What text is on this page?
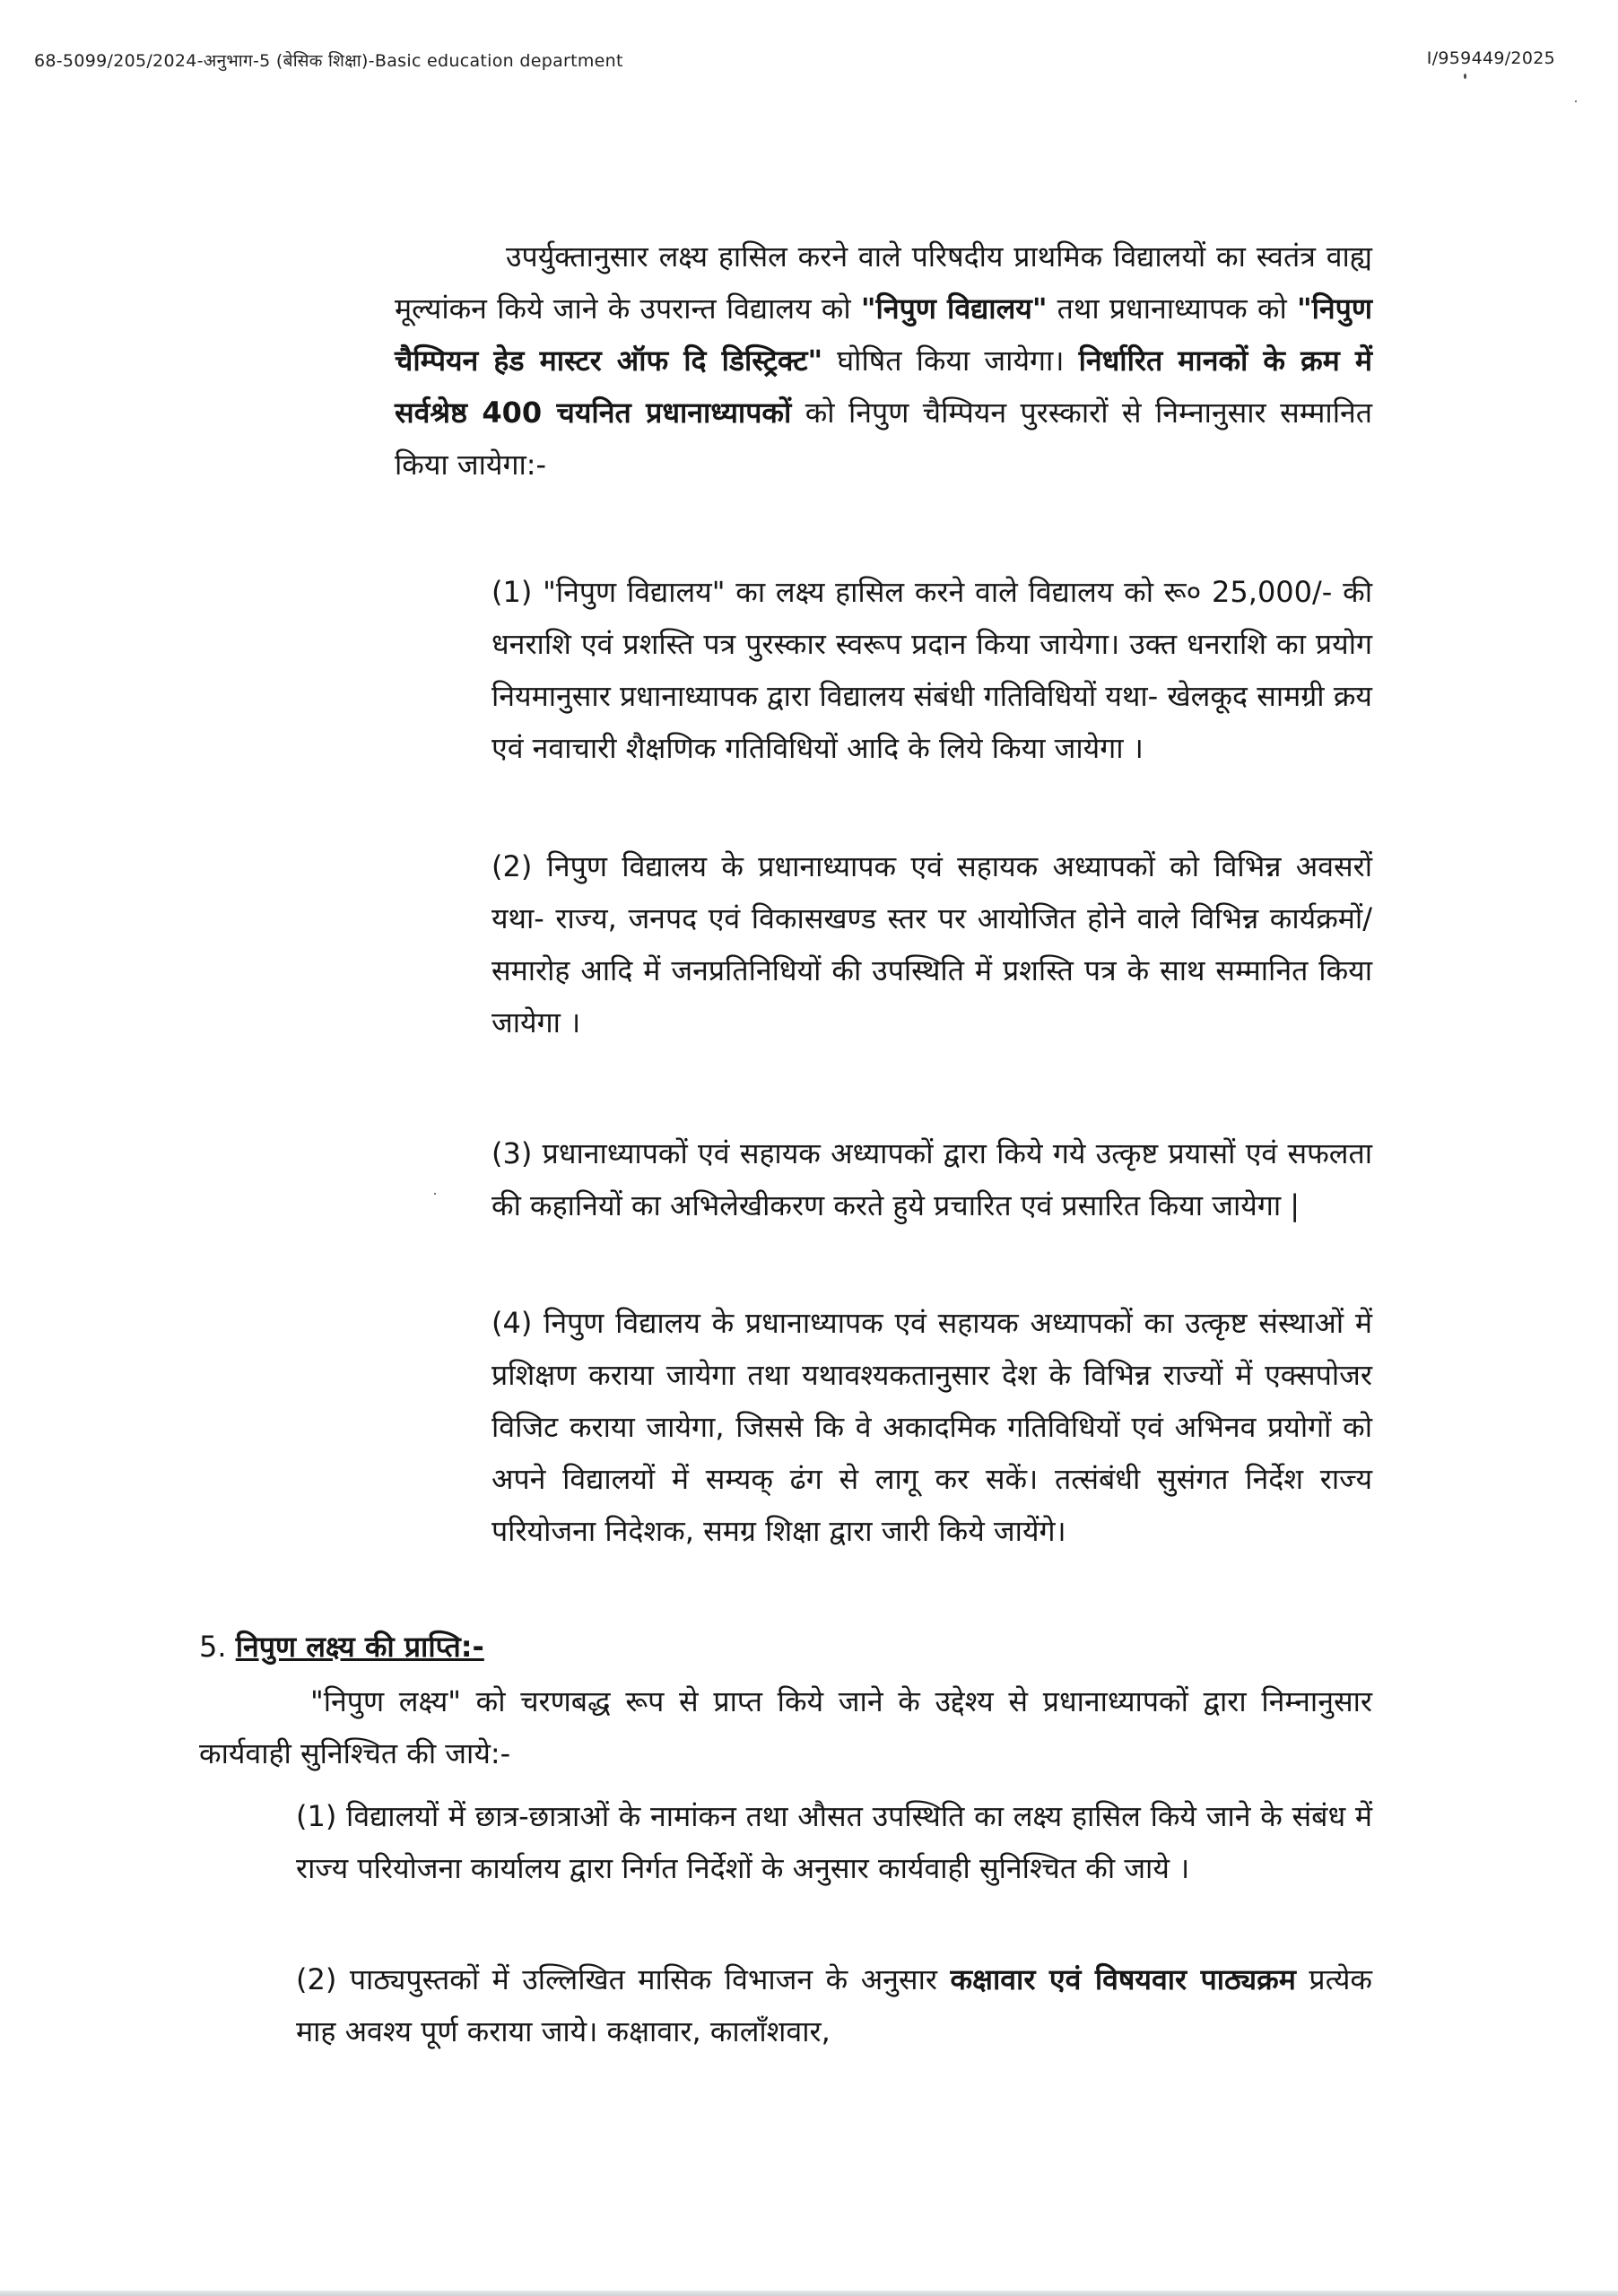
68-5099/205/2024-अनुभाग-5 (बेसिक शिक्षा)-Basic education department	I/959449/2025

उपर्युक्तानुसार लक्ष्य हासिल करने वाले परिषदीय प्राथमिक विद्यालयों का स्वतंत्र वाह्य मूल्यांकन किये जाने के उपरान्त विद्यालय को "निपुण विद्यालय" तथा प्रधानाध्यापक को "निपुण चैम्पियन हेड मास्टर ऑफ दि डिस्ट्रिक्ट" घोषित किया जायेगा। निर्धारित मानकों के क्रम में सर्वश्रेष्ठ 400 चयनित प्रधानाध्यापकों को निपुण चैम्पियन पुरस्कारों से निम्नानुसार सम्मानित किया जायेगा:-

(1) "निपुण विद्यालय" का लक्ष्य हासिल करने वाले विद्यालय को रू० 25,000/- की धनराशि एवं प्रशस्ति पत्र पुरस्कार स्वरूप प्रदान किया जायेगा। उक्त धनराशि का प्रयोग नियमानुसार प्रधानाध्यापक द्वारा विद्यालय संबंधी गतिविधियों यथा- खेलकूद सामग्री क्रय एवं नवाचारी शैक्षणिक गतिविधियों आदि के लिये किया जायेगा ।

(2) निपुण विद्यालय के प्रधानाध्यापक एवं सहायक अध्यापकों को विभिन्न अवसरों यथा- राज्य, जनपद एवं विकासखण्ड स्तर पर आयोजित होने वाले विभिन्न कार्यक्रमों/समारोह आदि में जनप्रतिनिधियों की उपस्थिति में प्रशस्ति पत्र के साथ सम्मानित किया जायेगा ।

(3) प्रधानाध्यापकों एवं सहायक अध्यापकों द्वारा किये गये उत्कृष्ट प्रयासों एवं सफलता की कहानियों का अभिलेखीकरण करते हुये प्रचारित एवं प्रसारित किया जायेगा |

(4) निपुण विद्यालय के प्रधानाध्यापक एवं सहायक अध्यापकों का उत्कृष्ट संस्थाओं में प्रशिक्षण कराया जायेगा तथा यथावश्यकतानुसार देश के विभिन्न राज्यों में एक्सपोजर विजिट कराया जायेगा, जिससे कि वे अकादमिक गतिविधियों एवं अभिनव प्रयोगों को अपने विद्यालयों में सम्यक् ढंग से लागू कर सकें। तत्संबंधी सुसंगत निर्देश राज्य परियोजना निदेशक, समग्र शिक्षा द्वारा जारी किये जायेंगे।

5. निपुण लक्ष्य की प्राप्ति:-

"निपुण लक्ष्य" को चरणबद्ध रूप से प्राप्त किये जाने के उद्देश्य से प्रधानाध्यापकों द्वारा निम्नानुसार कार्यवाही सुनिश्चित की जाये:-

(1) विद्यालयों में छात्र-छात्राओं के नामांकन तथा औसत उपस्थिति का लक्ष्य हासिल किये जाने के संबंध में राज्य परियोजना कार्यालय द्वारा निर्गत निर्देशों के अनुसार कार्यवाही सुनिश्चित की जाये ।

(2) पाठ्यपुस्तकों में उल्लिखित मासिक विभाजन के अनुसार कक्षावार एवं विषयवार पाठ्यक्रम प्रत्येक माह अवश्य पूर्ण कराया जाये। कक्षावार, कालाँशवार,
